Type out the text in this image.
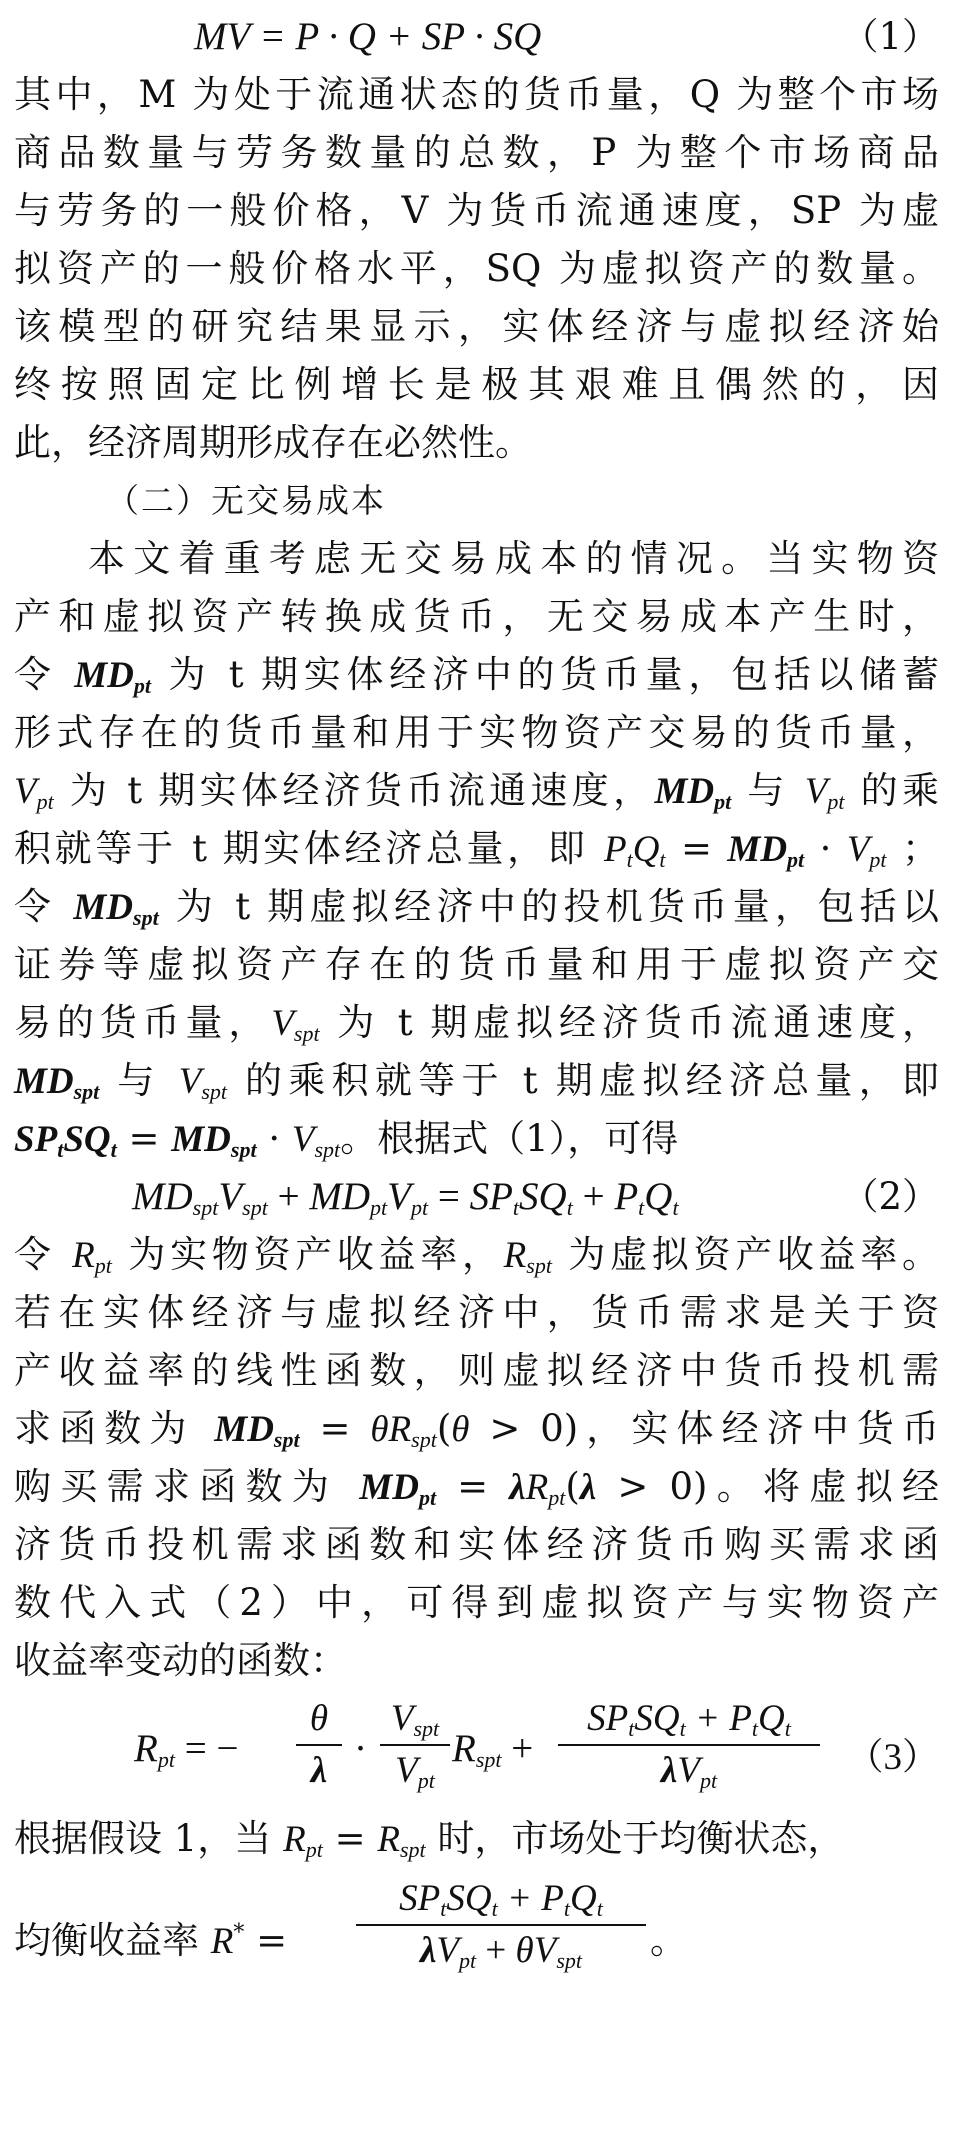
MV = P · Q + SP · SQ	（1）
其中，M 为处于流通状态的货币量，Q 为整个市场
商品数量与劳务数量的总数，P 为整个市场商品
与劳务的一般价格，V 为货币流通速度，SP 为虚
拟资产的一般价格水平，SQ 为虚拟资产的数量。
该模型的研究结果显示，实体经济与虚拟经济始
终按照固定比例增长是极其艰难且偶然的，因
此，经济周期形成存在必然性。
（二）无交易成本
本文着重考虑无交易成本的情况。当实物资
产和虚拟资产转换成货币，无交易成本产生时，
令 $MD_{pt}$ 为 t 期实体经济中的货币量，包括以储蓄
形式存在的货币量和用于实物资产交易的货币量，
$V_{pt}$ 为 t 期实体经济货币流通速度，$MD_{pt}$ 与 $V_{pt}$ 的乘
积就等于 t 期实体经济总量，即 $P_tQ_t = MD_{pt} \cdot V_{pt}$ ；
令 $MD_{spt}$ 为 t 期虚拟经济中的投机货币量，包括以
证券等虚拟资产存在的货币量和用于虚拟资产交
易的货币量，$V_{spt}$ 为 t 期虚拟经济货币流通速度，
$MD_{spt}$ 与 $V_{spt}$ 的乘积就等于 t 期虚拟经济总量，即
$SP_tSQ_t = MD_{spt} \cdot V_{spt}$。根据式（1），可得
$MD_{spt}V_{spt} + MD_{pt}V_{pt} = SP_tSQ_t + P_tQ_t$	（2）
令 $R_{pt}$ 为实物资产收益率，$R_{spt}$ 为虚拟资产收益率。
若在实体经济与虚拟经济中，货币需求是关于资
产收益率的线性函数，则虚拟经济中货币投机需
求函数为 $MD_{spt} = \theta R_{spt}(\theta > 0)$，实体经济中货币
购买需求函数为 $MD_{pt} = \lambda R_{pt}(\lambda > 0)$。将虚拟经
济货币投机需求函数和实体经济货币购买需求函
数代入式（2）中，可得到虚拟资产与实物资产
收益率变动的函数：
$R_{pt}$ = −
θ
λ
·
$V_{spt}$
$V_{pt}$
$R_{spt}$ +
$SP_tSQ_t + P_tQ_t$
$\lambda V_{pt}$
（3）
根据假设 1，当 $R_{pt} = R_{spt}$ 时，市场处于均衡状态，
均衡收益率 R* =
$SP_tSQ_t + P_tQ_t$
$\lambda V_{pt} + \theta V_{spt}$	。
